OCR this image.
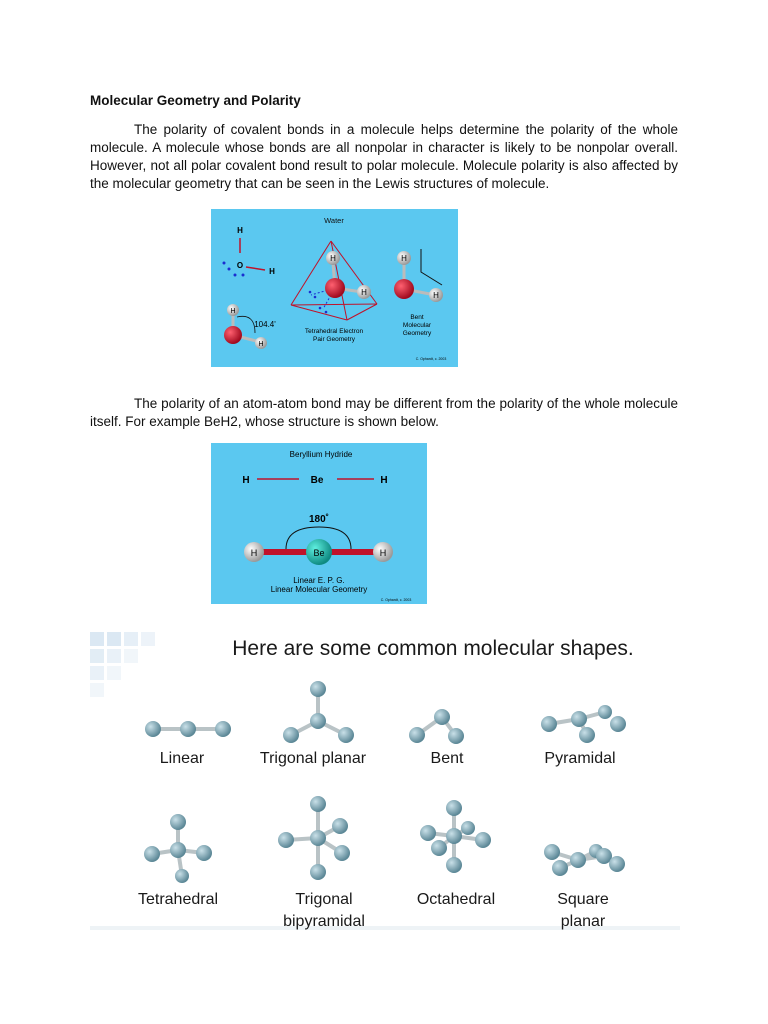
Molecular Geometry and Polarity

The polarity of covalent bonds in a molecule helps determine the polarity of the whole molecule. A molecule whose bonds are all nonpolar in character is likely to be nonpolar overall. However, not all polar covalent bond result to polar molecule. Molecule polarity is also affected by the molecular geometry that can be seen in the Lewis structures of molecule.

Water
H
O
H
H
H
Tetrahedral Electron
Pair Geometry
H
H
Bent
Molecular
Geometry
H
H
104.4'
C. Ophardt, c. 2003

The polarity of an atom-atom bond may be different from the polarity of the whole molecule itself. For example BeH2, whose structure is shown below.

Beryllium Hydride
H	Be	H
180˚
H	H
Be
Linear E. P. G.
Linear Molecular Geometry
C. Ophardt, c. 2003
Here are some common molecular shapes.
Linear	Trigonal planar	Bent	Pyramidal
Tetrahedral	Trigonal
bipyramidal
Octahedral	Square
planar
